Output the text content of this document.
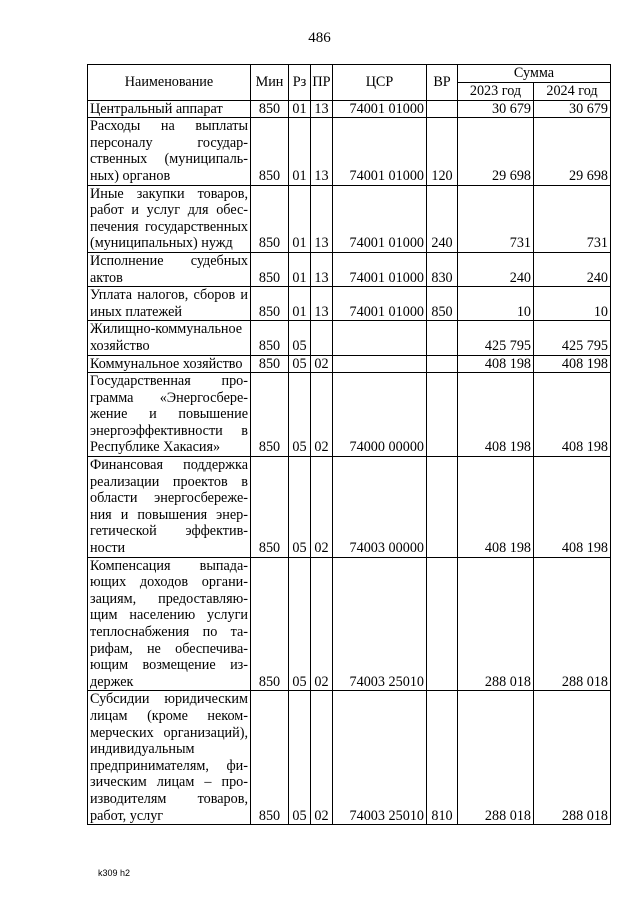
486
Наименование	Мин	Рз	ПР	ЦСР	ВР	Сумма	
						2023 год	2024 год
Центральный аппарат	850	01	13	74001 01000		30 679	30 679
Расходы на выплаты персоналу государственных (муниципальных) органов	850	01	13	74001 01000	120	29 698	29 698
Иные закупки товаров, работ и услуг для обеспечения государственных (муниципальных) нужд	850	01	13	74001 01000	240	731	731
Исполнение судебных актов	850	01	13	74001 01000	830	240	240
Уплата налогов, сборов и иных платежей	850	01	13	74001 01000	850	10	10
Жилищно-коммунальное хозяйство	850	05				425 795	425 795
Коммунальное хозяйство	850	05	02			408 198	408 198
Государственная программа «Энергосбережение и повышение энергоэффективности в Республике Хакасия»	850	05	02	74000 00000		408 198	408 198
Финансовая поддержка реализации проектов в области энергосбережения и повышения энергетической эффективности	850	05	02	74003 00000		408 198	408 198
Компенсация выпадающих доходов организациям, предоставляющим населению услуги теплоснабжения по тарифам, не обеспечивающим возмещение издержек	850	05	02	74003 25010		288 018	288 018
Субсидии юридическим лицам (кроме некоммерческих организаций), индивидуальным предпринимателям, физическим лицам – производителям товаров, работ, услуг	850	05	02	74003 25010	810	288 018	288 018
k309 h2
